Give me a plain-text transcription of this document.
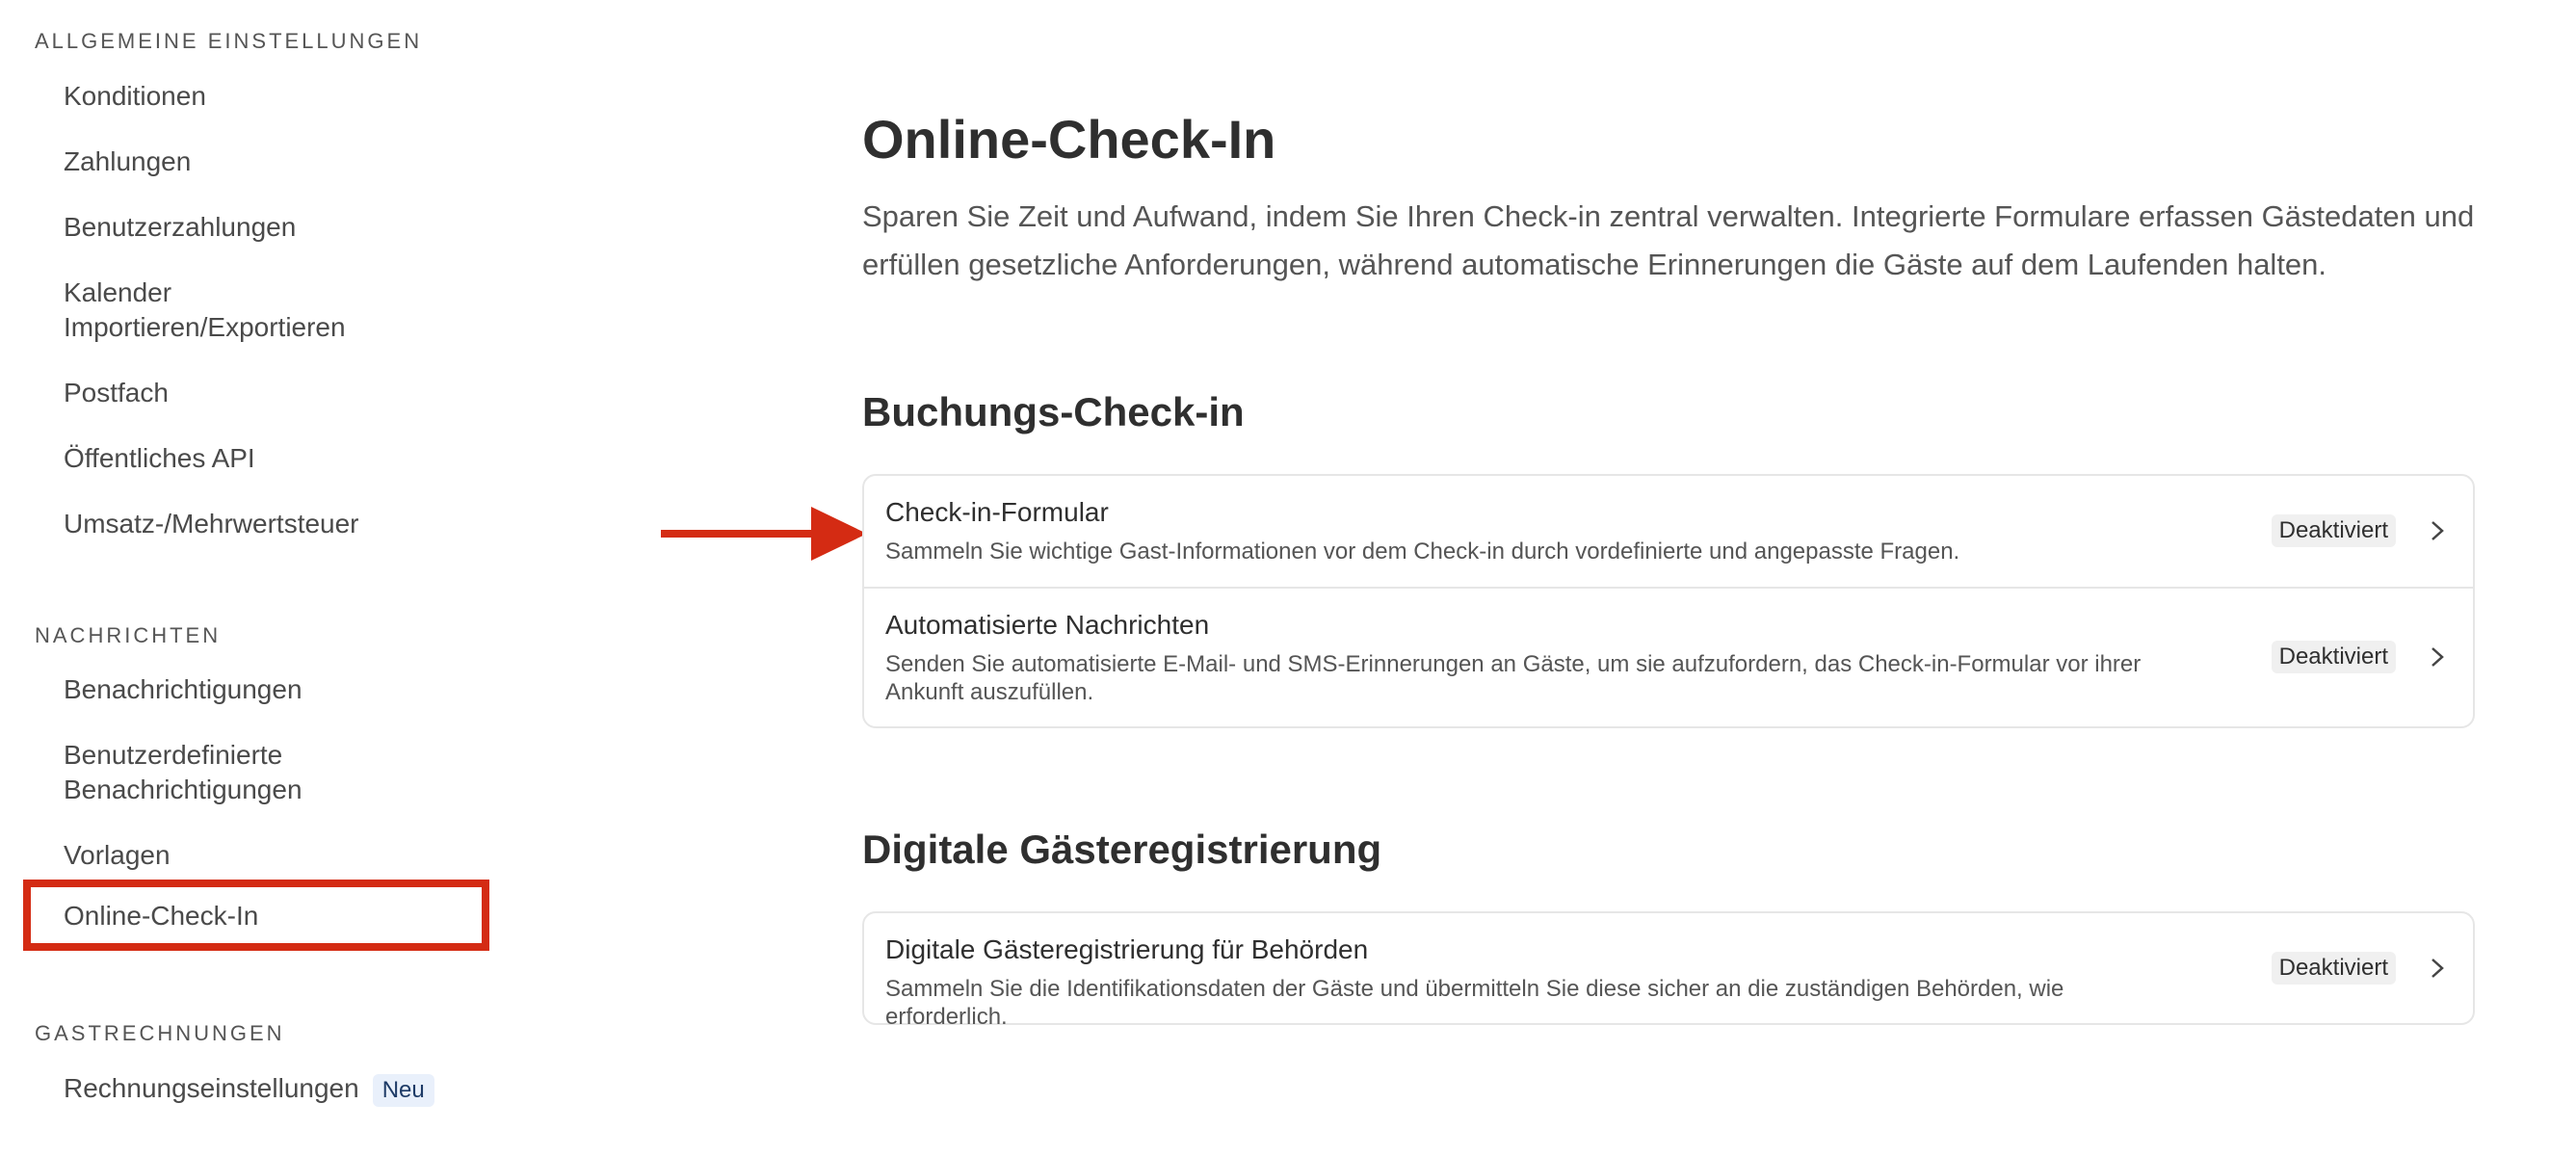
ALLGEMEINE EINSTELLUNGEN
Konditionen
Zahlungen
Benutzerzahlungen
Kalender Importieren/Exportieren
Postfach
Öffentliches API
Umsatz-/Mehrwertsteuer
NACHRICHTEN
Benachrichtigungen
Benutzerdefinierte Benachrichtigungen
Vorlagen
Online-Check-In
GASTRECHNUNGEN
Rechnungseinstellungen Neu
Online-Check-In

Sparen Sie Zeit und Aufwand, indem Sie Ihren Check-in zentral verwalten. Integrierte Formulare erfassen Gästedaten und erfüllen gesetzliche Anforderungen, während automatische Erinnerungen die Gäste auf dem Laufenden halten.

Buchungs-Check-in
Check-in-Formular
Sammeln Sie wichtige Gast-Informationen vor dem Check-in durch vordefinierte und angepasste Fragen.
Deaktiviert
Automatisierte Nachrichten
Senden Sie automatisierte E-Mail- und SMS-Erinnerungen an Gäste, um sie aufzufordern, das Check-in-Formular vor ihrer Ankunft auszufüllen.
Deaktiviert
Digitale Gästeregistrierung
Digitale Gästeregistrierung für Behörden
Sammeln Sie die Identifikationsdaten der Gäste und übermitteln Sie diese sicher an die zuständigen Behörden, wie erforderlich.
Deaktiviert
